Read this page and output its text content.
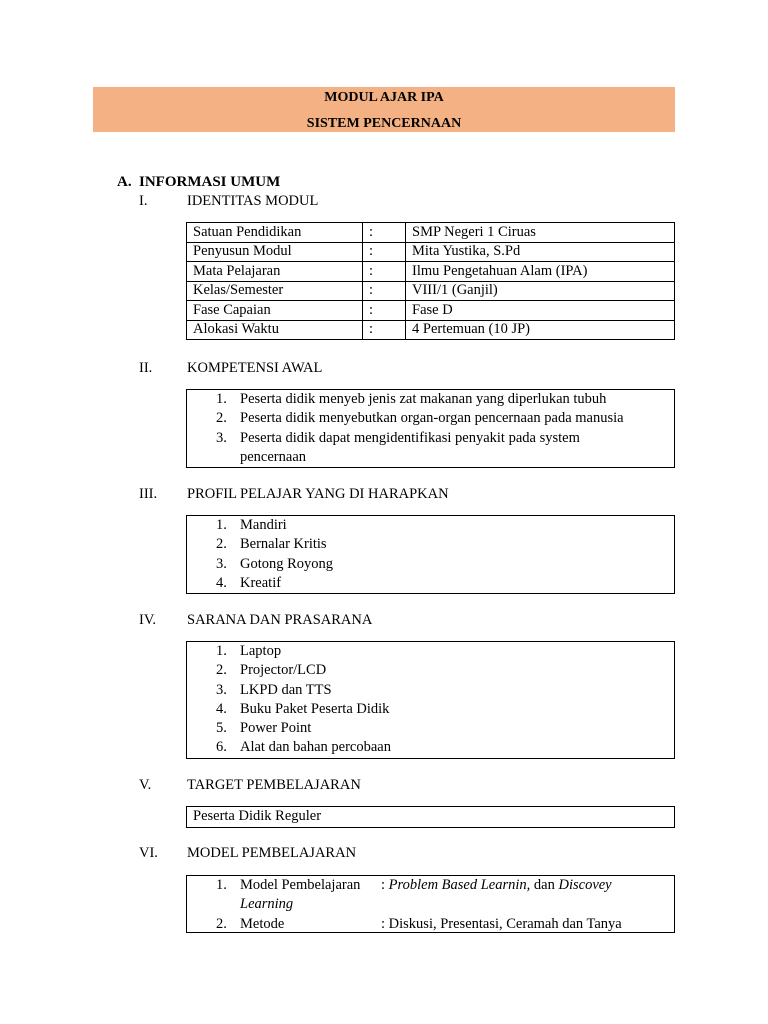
MODUL AJAR IPA
SISTEM PENCERNAAN
A. INFORMASI UMUM
I.	IDENTITAS MODUL
Satuan Pendidikan	:	SMP Negeri 1 Ciruas
Penyusun Modul	:	Mita Yustika, S.Pd
Mata Pelajaran	:	Ilmu Pengetahuan Alam (IPA)
Kelas/Semester	:	VIII/1 (Ganjil)
Fase Capaian	:	Fase D
Alokasi Waktu	:	4 Pertemuan (10 JP)
II. KOMPETENSI AWAL
1. Peserta didik menyeb jenis zat makanan yang diperlukan tubuh
2. Peserta didik menyebutkan organ-organ pencernaan pada manusia
3. Peserta didik dapat mengidentifikasi penyakit pada system
pencernaan
III. PROFIL PELAJAR YANG DI HARAPKAN
1. Mandiri
2. Bernalar Kritis
3. Gotong Royong
4. Kreatif
IV. SARANA DAN PRASARANA
1. Laptop
2. Projector/LCD
3. LKPD dan TTS
4. Buku Paket Peserta Didik
5. Power Point
6. Alat dan bahan percobaan
V. TARGET PEMBELAJARAN
Peserta Didik Reguler
VI. MODEL PEMBELAJARAN
1. Model Pembelajaran : Problem Based Learnin, dan Discovey
Learning
2. Metode	: Diskusi, Presentasi, Ceramah dan Tanya
